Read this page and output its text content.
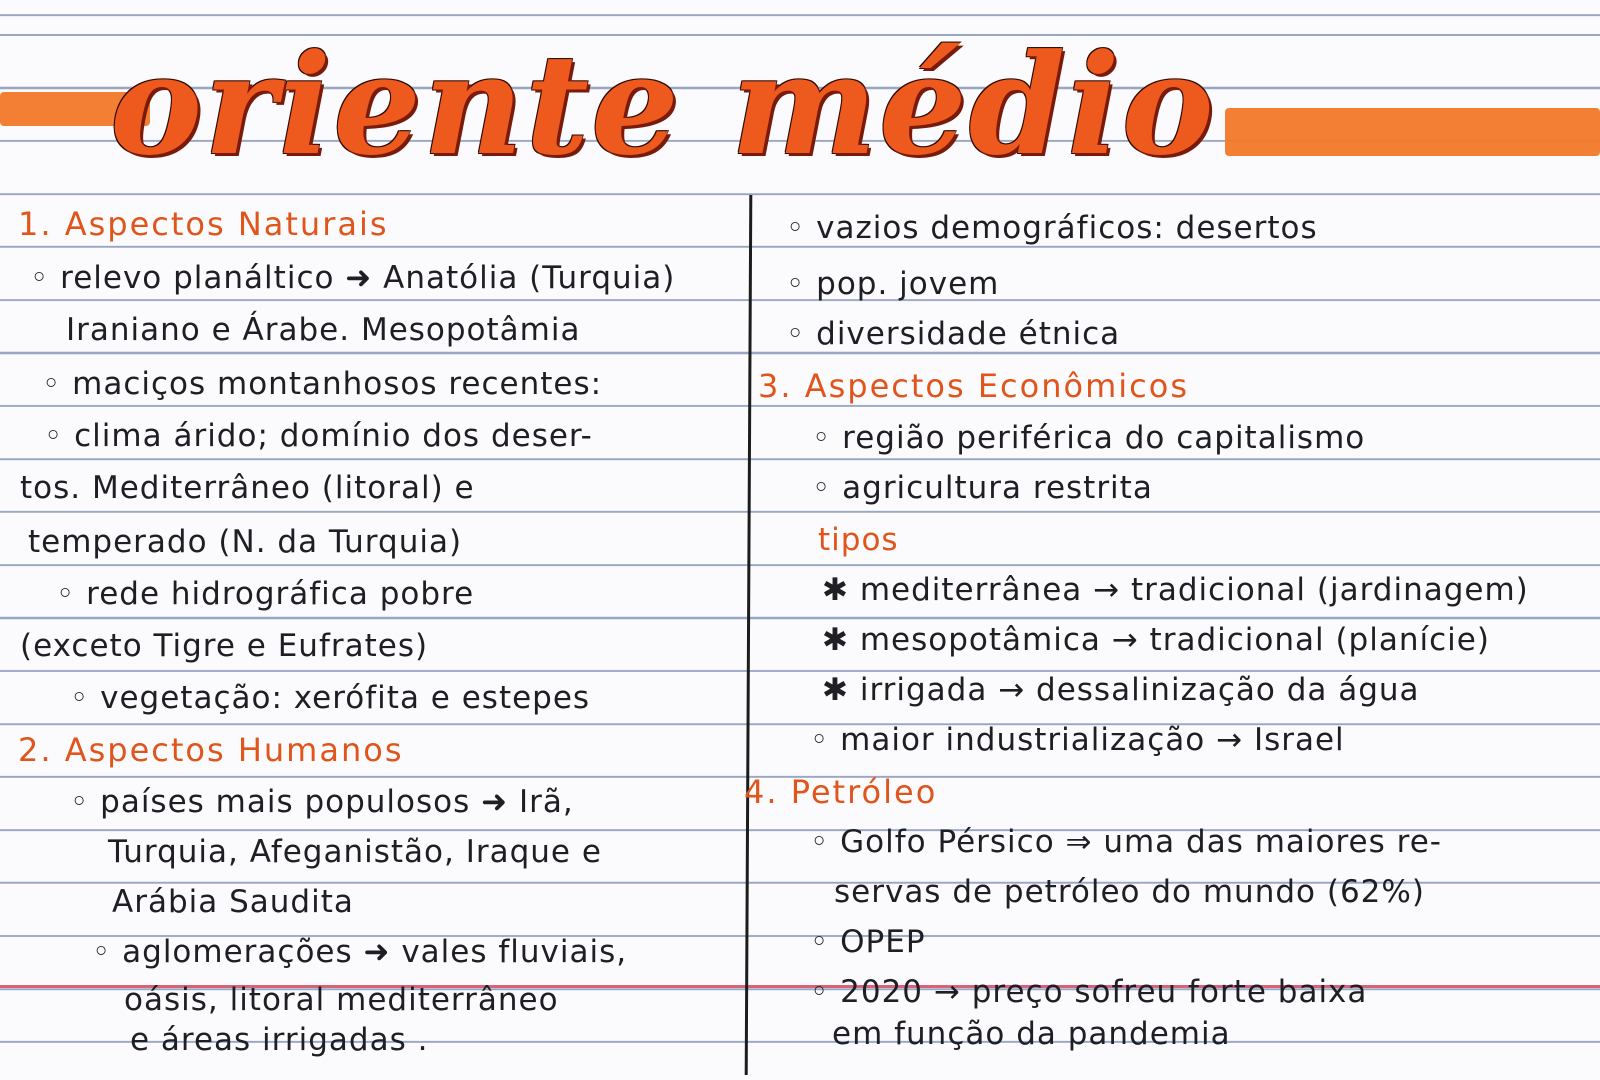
oriente médio
1. Aspectos Naturais
◦ relevo planáltico ➜ Anatólia (Turquia)
Iraniano e Árabe. Mesopotâmia
◦ maciços montanhosos recentes:
◦ clima árido; domínio dos deser-
tos. Mediterrâneo (litoral) e
temperado (N. da Turquia)
◦ rede hidrográfica pobre
(exceto Tigre e Eufrates)
◦ vegetação: xerófita e estepes
2. Aspectos Humanos
◦ países mais populosos ➜ Irã,
Turquia, Afeganistão, Iraque e
Arábia Saudita
◦ aglomerações ➜ vales fluviais,
oásis, litoral mediterrâneo
e áreas irrigadas .
◦ vazios demográficos: desertos
◦ pop. jovem
◦ diversidade étnica
3. Aspectos Econômicos
◦ região periférica do capitalismo
◦ agricultura restrita
tipos
✱ mediterrânea → tradicional (jardinagem)
✱ mesopotâmica → tradicional (planície)
✱ irrigada → dessalinização da água
◦ maior industrialização → Israel
4. Petróleo
◦ Golfo Pérsico ⇒ uma das maiores re-
servas de petróleo do mundo (62%)
◦ OPEP
◦ 2020 → preço sofreu forte baixa
em função da pandemia
